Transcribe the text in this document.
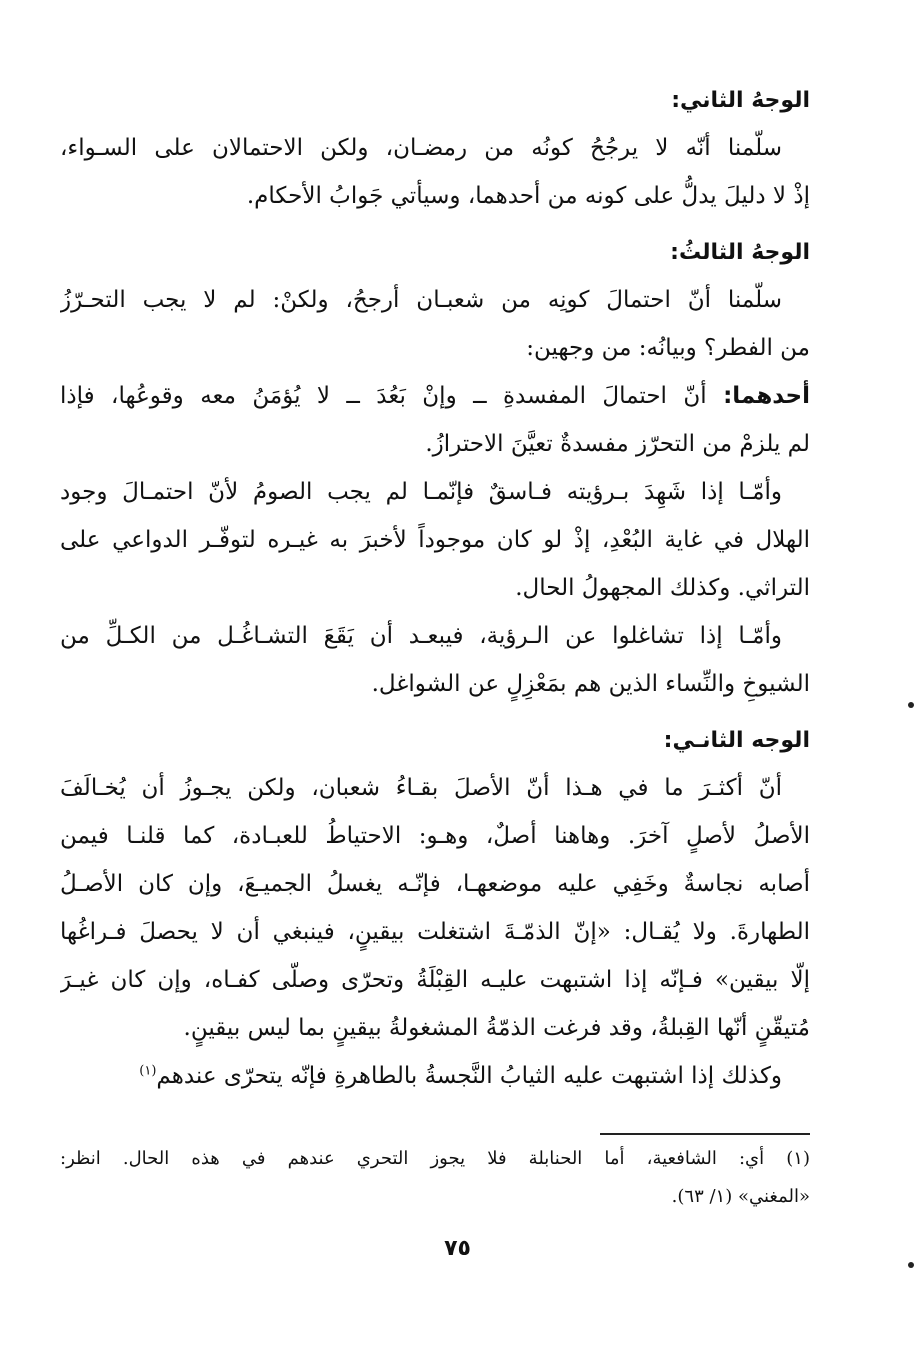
الوجهُ الثاني:
سلّمنا أنّه لا يرجُحُ كونُه من رمضـان، ولكن الاحتمالان على السـواء،
إذْ لا دليلَ يدلُّ على كونه من أحدهما، وسيأتي جَوابُ الأحكام.
الوجهُ الثالثُ:
سلّمنا أنّ احتمالَ كونِه من شعبـان أرجحُ، ولكنْ: لم لا يجب التحـرّزُ
من الفطر؟ وبيانُه: من وجهين:
أحدهما: أنّ احتمالَ المفسدةِ ــ وإنْ بَعُدَ ــ لا يُؤمَنُ معه وقوعُها، فإذا
لم يلزمْ من التحرّز مفسدةٌ تعيَّنَ الاحترازُ.
وأمّـا إذا شَهِدَ بـرؤيته فـاسقٌ فإنّمـا لم يجب الصومُ لأنّ احتمـالَ وجود
الهلال في غاية البُعْدِ، إذْ لو كان موجوداً لأخبرَ به غيـره لتوفّـر الدواعي على
التراثي. وكذلك المجهولُ الحال.
وأمّـا إذا تشاغلوا عن الـرؤية، فيبعـد أن يَقَعَ التشـاغُـل من الكـلِّ من
الشيوخِ والنِّساء الذين هم بمَعْزِلٍ عن الشواغل.
الوجه الثانـي:
أنّ أكثـرَ ما في هـذا أنّ الأصلَ بقـاءُ شعبان، ولكن يجـوزُ أن يُخـالَفَ
الأصلُ لأصلٍ آخرَ. وهاهنا أصلٌ، وهـو: الاحتياطُ للعبـادة، كما قلنـا فيمن
أصابه نجاسةٌ وخَفِي عليه موضعهـا، فإنّـه يغسلُ الجميـعَ، وإن كان الأصـلُ
الطهارةَ. ولا يُقـال: «إنّ الذمّـةَ اشتغلت بيقينٍ، فينبغي أن لا يحصلَ فـراغُها
إلّا بيقين» فـإنّه إذا اشتبهت عليـه القِبْلَةُ وتحرّى وصلّى كفـاه، وإن كان غيـرَ
مُتيقّنٍ أنّها القِبلةُ، وقد فرغت الذمّةُ المشغولةُ بيقينٍ بما ليس بيقينٍ.
وكذلك إذا اشتبهت عليه الثيابُ النَّجسةُ بالطاهرةِ فإنّه يتحرّى عندهم$^{(١)}$
(١) أي: الشافعية، أما الحنابلة فلا يجوز التحري عندهم في هذه الحال. انظر:
«المغني» (١/ ٦٣).
٧٥
